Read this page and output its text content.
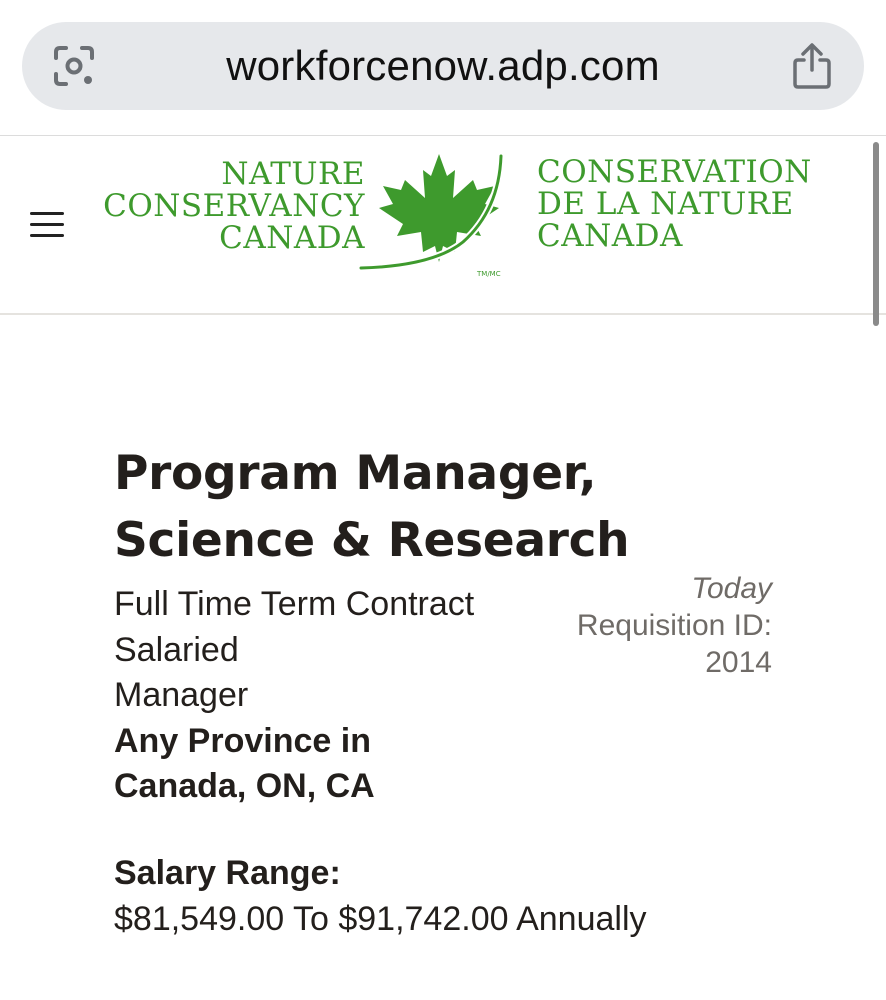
workforcenow.adp.com
NATURE
CONSERVANCY
CANADA
TM/MC
CONSERVATION
DE LA NATURE
CANADA
Program Manager,
Science & Research
Full Time Term Contract
Salaried
Manager
Any Province in
Canada, ON, CA
Today
Requisition ID:
2014
Salary Range:
$81,549.00 To $91,742.00 Annually
